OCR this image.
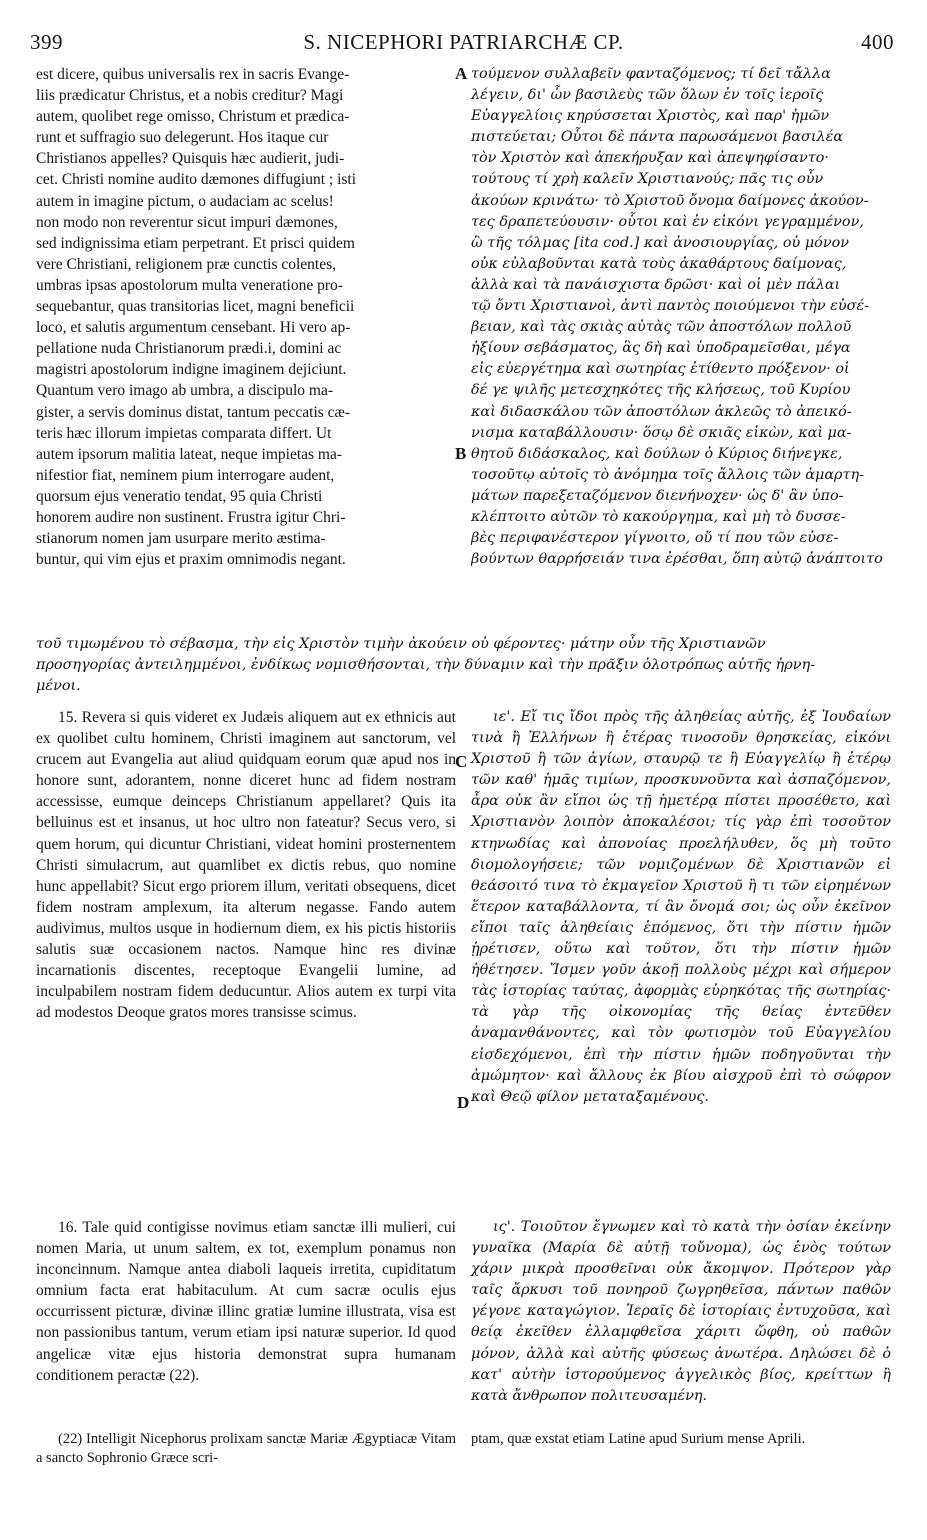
399	S. NICEPHORI PATRIARCHÆ CP.	400
A
B
C
D
est dicere, quibus universalis rex in sacris Evange-
liis prædicatur Christus, et a nobis creditur? Magi
autem, quolibet rege omisso, Christum et prædica-
runt et suffragio suo delegerunt. Hos itaque cur
Christianos appelles? Quisquis hæc audierit, judi-
cet. Christi nomine audito dæmones diffugiunt ; isti
autem in imagine pictum, o audaciam ac scelus!
non modo non reverentur sicut impuri dæmones,
sed indignissima etiam perpetrant. Et prisci quidem
vere Christiani, religionem præ cunctis colentes,
umbras ipsas apostolorum multa veneratione pro-
sequebantur, quas transitorias licet, magni beneficii
loco, et salutis argumentum censebant. Hi vero ap-
pellatione nuda Christianorum prædi.i, domini ac
magistri apostolorum indigne imaginem dejiciunt.
Quantum vero imago ab umbra, a discipulo ma-
gister, a servis dominus distat, tantum peccatis cæ-
teris hæc illorum impietas comparata differt. Ut
autem ipsorum malitia lateat, neque impietas ma-
nifestior fiat, neminem pium interrogare audent,
quorsum ejus veneratio tendat, 95 quia Christi
honorem audire non sustinent. Frustra igitur Chri-
stianorum nomen jam usurpare merito æstima-
buntur, qui vim ejus et praxim omnimodis negant.
τούμενον συλλαβεῖν φανταζόμενος; τί δεῖ τἄλλα
λέγειν, δι' ὧν βασιλεὺς τῶν ὅλων ἐν τοῖς ἱεροῖς
Εὐαγγελίοις κηρύσσεται Χριστὸς, καὶ παρ' ἡμῶν
πιστεύεται; Οὗτοι δὲ πάντα παρωσάμενοι βασιλέα
τὸν Χριστὸν καὶ ἀπεκήρυξαν καὶ ἀπεψηφίσαντο·
τούτους τί χρὴ καλεῖν Χριστιανούς; πᾶς τις οὖν
ἀκούων κρινάτω· τὸ Χριστοῦ ὄνομα δαίμονες ἀκούον-
τες δραπετεύουσιν· οὗτοι καὶ ἐν εἰκόνι γεγραμμένον,
ὢ τῆς τόλμας [ita cod.] καὶ ἀνοσιουργίας, οὐ μόνον
οὐκ εὐλαβοῦνται κατὰ τοὺς ἀκαθάρτους δαίμονας,
ἀλλὰ καὶ τὰ πανάισχιστα δρῶσι· καὶ οἱ μὲν πάλαι
τῷ ὄντι Χριστιανοὶ, ἀντὶ παντὸς ποιούμενοι τὴν εὐσέ-
βειαν, καὶ τὰς σκιὰς αὐτὰς τῶν ἀποστόλων πολλοῦ
ἠξίουν σεβάσματος, ἃς δὴ καὶ ὑποδραμεῖσθαι, μέγα
εἰς εὐεργέτημα καὶ σωτηρίας ἐτίθεντο πρόξενον· οἱ
δέ γε ψιλῆς μετεσχηκότες τῆς κλήσεως, τοῦ Κυρίου
καὶ διδασκάλου τῶν ἀποστόλων ἀκλεῶς τὸ ἀπεικό-
νισμα καταβάλλουσιν· ὅσῳ δὲ σκιᾶς εἰκὼν, καὶ μα-
θητοῦ διδάσκαλος, καὶ δούλων ὁ Κύριος διήνεγκε,
τοσοῦτῳ αὐτοῖς τὸ ἀνόμημα τοῖς ἄλλοις τῶν ἁμαρτη-
μάτων παρεξεταζόμενον διενήνοχεν· ὡς δ' ἂν ὑπο-
κλέπτοιτο αὐτῶν τὸ κακούργημα, καὶ μὴ τὸ δυσσε-
βὲς περιφανέστερον γίγνοιτο, οὔ τί που τῶν εὐσε-
βούντων θαρρήσειάν τινα ἐρέσθαι, ὅπη αὐτῷ ἀνάπτοιτο
τοῦ τιμωμένου τὸ σέβασμα, τὴν εἰς Χριστὸν τιμὴν ἀκούειν οὐ φέροντες· μάτην οὖν τῆς Χριστιανῶν
προσηγορίας ἀντειλημμένοι, ἐνδίκως νομισθήσονται, τὴν δύναμιν καὶ τὴν πρᾶξιν ὁλοτρόπως αὐτῆς ἠρνη-
μένοι.

15. Revera si quis videret ex Judæis aliquem aut ex ethnicis aut ex quolibet cultu hominem, Christi imaginem aut sanctorum, vel crucem aut Evangelia aut aliud quidquam eorum quæ apud nos in honore sunt, adorantem, nonne diceret hunc ad fidem nostram accessisse, eumque deinceps Christianum appellaret? Quis ita belluinus est et insanus, ut hoc ultro non fateatur? Secus vero, si quem horum, qui dicuntur Christiani, videat homini prosternentem Christi simulacrum, aut quamlibet ex dictis rebus, quo nomine hunc appellabit? Sicut ergo priorem illum, veritati obsequens, dicet fidem nostram amplexum, ita alterum negasse. Fando autem audivimus, multos usque in hodiernum diem, ex his pictis historiis salutis suæ occasionem nactos. Namque hinc res divinæ incarnationis discentes, receptoque Evangelii lumine, ad inculpabilem nostram fidem deducuntur. Alios autem ex turpi vita ad modestos Deoque gratos mores transisse scimus.

ιε'. Εἴ τις ἴδοι πρὸς τῆς ἀληθείας αὐτῆς, ἐξ Ἰουδαίων τινὰ ἢ Ἑλλήνων ἢ ἑτέρας τινοσοῦν θρησκείας, εἰκόνι Χριστοῦ ἢ τῶν ἁγίων, σταυρῷ τε ἢ Εὐαγγελίῳ ἢ ἑτέρῳ τῶν καθ' ἡμᾶς τιμίων, προσκυνοῦντα καὶ ἀσπαζόμενον, ἆρα οὐκ ἂν εἴποι ὡς τῇ ἡμετέρᾳ πίστει προσέθετο, καὶ Χριστιανὸν λοιπὸν ἀποκαλέσοι; τίς γὰρ ἐπὶ τοσοῦτον κτηνωδίας καὶ ἀπονοίας προελήλυθεν, ὅς μὴ τοῦτο διομολογήσειε; τῶν νομιζομένων δὲ Χριστιανῶν εἰ θεάσοιτό τινα τὸ ἐκμαγεῖον Χριστοῦ ἢ τι τῶν εἰρημένων ἕτερον καταβάλλοντα, τί ἂν ὄνομά σοι; ὡς οὖν ἐκεῖνον εἴποι ταῖς ἀληθείαις ἑπόμενος, ὅτι τὴν πίστιν ἡμῶν ᾑρέτισεν, οὕτω καὶ τοῦτον, ὅτι τὴν πίστιν ἡμῶν ἠθέτησεν. Ἴσμεν γοῦν ἀκοῇ πολλοὺς μέχρι καὶ σήμερον τὰς ἱστορίας ταύτας, ἀφορμὰς εὑρηκότας τῆς σωτηρίας· τὰ γὰρ τῆς οἰκονομίας τῆς θείας ἐντεῦθεν ἀναμανθάνοντες, καὶ τὸν φωτισμὸν τοῦ Εὐαγγελίου εἰσδεχόμενοι, ἐπὶ τὴν πίστιν ἡμῶν ποδηγοῦνται τὴν ἀμώμητον· καὶ ἄλλους ἐκ βίου αἰσχροῦ ἐπὶ τὸ σώφρον καὶ Θεῷ φίλον μεταταξαμένους.

16. Tale quid contigisse novimus etiam sanctæ illi mulieri, cui nomen Maria, ut unum saltem, ex tot, exemplum ponamus non inconcinnum. Namque antea diaboli laqueis irretita, cupiditatum omnium facta erat habitaculum. At cum sacræ oculis ejus occurrissent picturæ, divinæ illinc gratiæ lumine illustrata, visa est non passionibus tantum, verum etiam ipsi naturæ superior. Id quod angelicæ vitæ ejus historia demonstrat supra humanam conditionem peractæ (22).

ις'. Τοιοῦτον ἔγνωμεν καὶ τὸ κατὰ τὴν ὁσίαν ἐκείνην γυναῖκα (Μαρία δὲ αὐτῇ τοὔνομα), ὡς ἑνὸς τούτων χάριν μικρὰ προσθεῖναι οὐκ ἄκομψον. Πρότερον γὰρ ταῖς ἄρκυσι τοῦ πονηροῦ ζωγρηθεῖσα, πάντων παθῶν γέγονε καταγώγιον. Ἱεραῖς δὲ ἱστορίαις ἐντυχοῦσα, καὶ θείᾳ ἐκεῖθεν ἐλλαμφθεῖσα χάριτι ὤφθη, οὐ παθῶν μόνον, ἀλλὰ καὶ αὐτῆς φύσεως ἀνωτέρα. Δηλώσει δὲ ὁ κατ' αὐτὴν ἱστορούμενος ἀγγελικὸς βίος, κρείττων ἢ κατὰ ἄνθρωπον πολιτευσαμένη.

(22) Intelligit Nicephorus prolixam sanctæ Mariæ Ægyptiacæ Vitam a sancto Sophronio Græce scri-

ptam, quæ exstat etiam Latine apud Surium mense Aprili.
